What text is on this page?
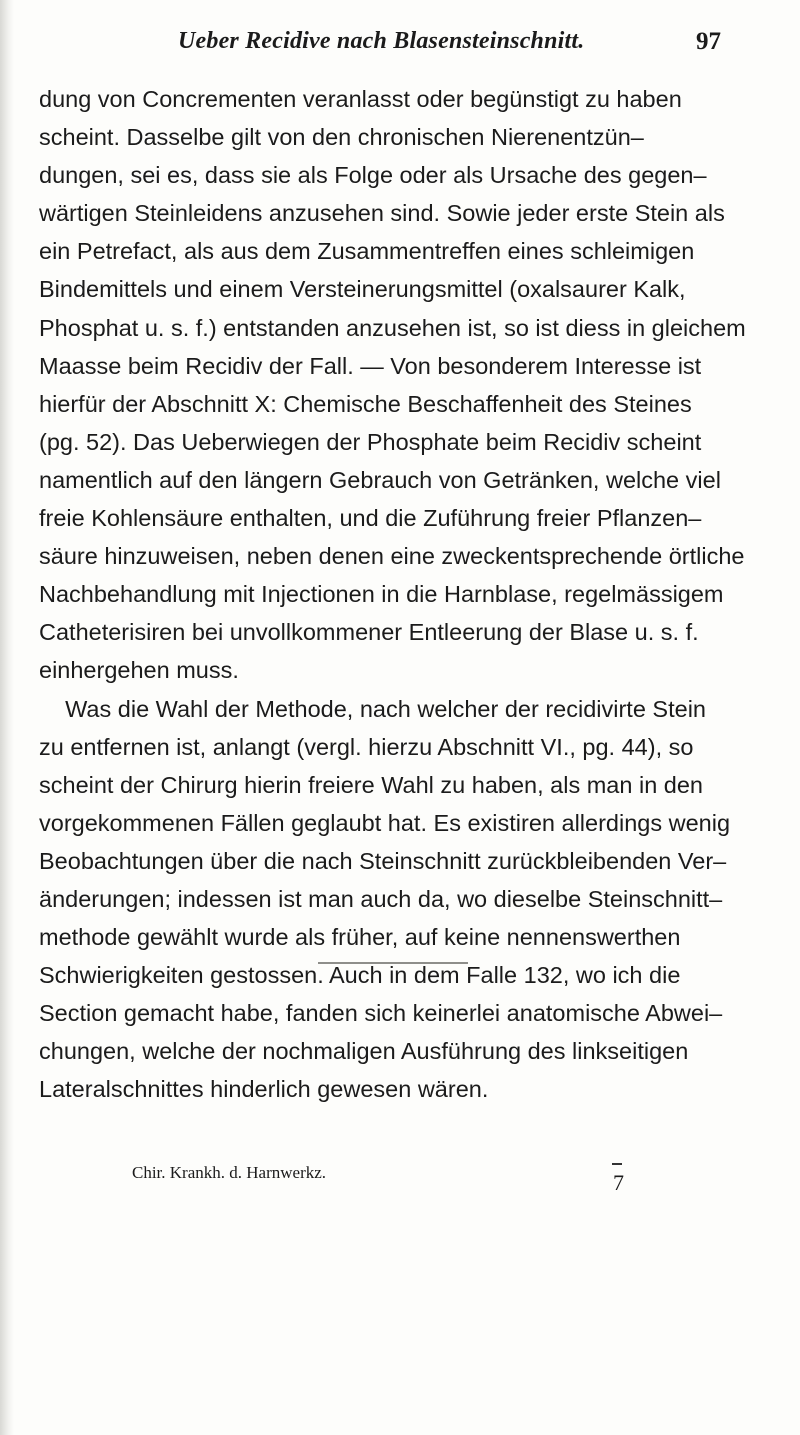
Ueber Recidive nach Blasensteinschnitt.	97
dung von Concrementen veranlasst oder begünstigt zu haben
scheint. Dasselbe gilt von den chronischen Nierenentzün–
dungen, sei es, dass sie als Folge oder als Ursache des gegen–
wärtigen Steinleidens anzusehen sind. Sowie jeder erste Stein als
ein Petrefact, als aus dem Zusammentreffen eines schleimigen
Bindemittels und einem Versteinerungsmittel (oxalsaurer Kalk,
Phosphat u. s. f.) entstanden anzusehen ist, so ist diess in gleichem
Maasse beim Recidiv der Fall. — Von besonderem Interesse ist
hierfür der Abschnitt X: Chemische Beschaffenheit des Steines
(pg. 52). Das Ueberwiegen der Phosphate beim Recidiv scheint
namentlich auf den längern Gebrauch von Getränken, welche viel
freie Kohlensäure enthalten, und die Zuführung freier Pflanzen–
säure hinzuweisen, neben denen eine zweckentsprechende örtliche
Nachbehandlung mit Injectionen in die Harnblase, regelmässigem
Catheterisiren bei unvollkommener Entleerung der Blase u. s. f.
einhergehen muss.
Was die Wahl der Methode, nach welcher der recidivirte Stein
zu entfernen ist, anlangt (vergl. hierzu Abschnitt VI., pg. 44), so
scheint der Chirurg hierin freiere Wahl zu haben, als man in den
vorgekommenen Fällen geglaubt hat. Es existiren allerdings wenig
Beobachtungen über die nach Steinschnitt zurückbleibenden Ver–
änderungen; indessen ist man auch da, wo dieselbe Steinschnitt–
methode gewählt wurde als früher, auf keine nennenswerthen
Schwierigkeiten gestossen. Auch in dem Falle 132, wo ich die
Section gemacht habe, fanden sich keinerlei anatomische Abwei–
chungen, welche der nochmaligen Ausführung des linkseitigen
Lateralschnittes hinderlich gewesen wären.
Chir. Krankh. d. Harnwerkz.	7
